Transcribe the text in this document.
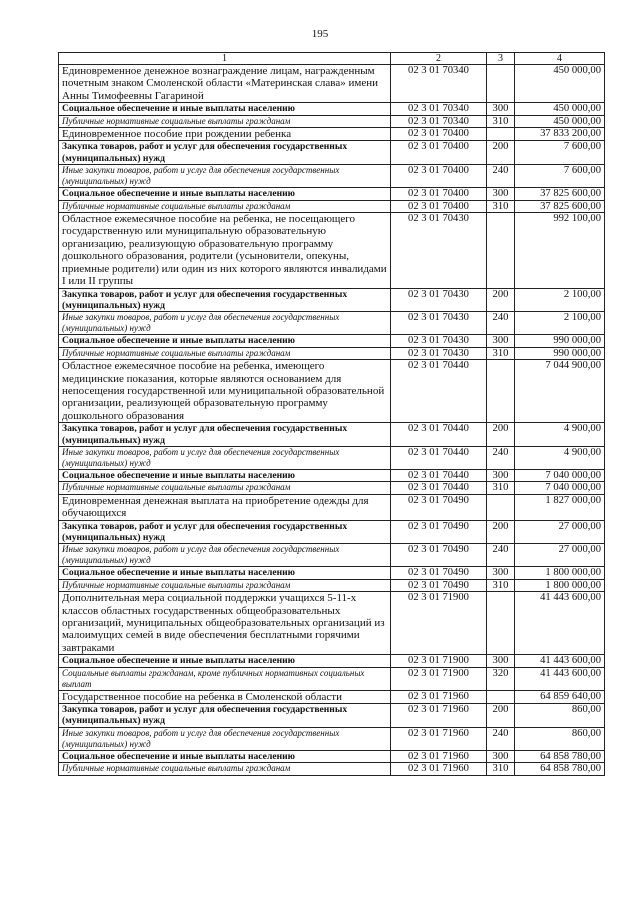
195
1	2	3	4
Единовременное денежное вознаграждение лицам, награжденным почетным знаком Смоленской области «Материнская слава» имени Анны Тимофеевны Гагариной	02 3 01 70340		450 000,00
Социальное обеспечение и иные выплаты населению	02 3 01 70340	300	450 000,00
Публичные нормативные социальные выплаты гражданам	02 3 01 70340	310	450 000,00
Единовременное пособие при рождении ребенка	02 3 01 70400		37 833 200,00
Закупка товаров, работ и услуг для обеспечения государственных (муниципальных) нужд	02 3 01 70400	200	7 600,00
Иные закупки товаров, работ и услуг для обеспечения государственных (муниципальных) нужд	02 3 01 70400	240	7 600,00
Социальное обеспечение и иные выплаты населению	02 3 01 70400	300	37 825 600,00
Публичные нормативные социальные выплаты гражданам	02 3 01 70400	310	37 825 600,00
Областное ежемесячное пособие на ребенка, не посещающего государственную или муниципальную образовательную организацию, реализующую образовательную программу дошкольного образования, родители (усыновители, опекуны, приемные родители) или один из них которого являются инвалидами I или II группы	02 3 01 70430		992 100,00
Закупка товаров, работ и услуг для обеспечения государственных (муниципальных) нужд	02 3 01 70430	200	2 100,00
Иные закупки товаров, работ и услуг для обеспечения государственных (муниципальных) нужд	02 3 01 70430	240	2 100,00
Социальное обеспечение и иные выплаты населению	02 3 01 70430	300	990 000,00
Публичные нормативные социальные выплаты гражданам	02 3 01 70430	310	990 000,00
Областное ежемесячное пособие на ребенка, имеющего медицинские показания, которые являются основанием для непосещения государственной или муниципальной образовательной организации, реализующей образовательную программу дошкольного образования	02 3 01 70440		7 044 900,00
Закупка товаров, работ и услуг для обеспечения государственных (муниципальных) нужд	02 3 01 70440	200	4 900,00
Иные закупки товаров, работ и услуг для обеспечения государственных (муниципальных) нужд	02 3 01 70440	240	4 900,00
Социальное обеспечение и иные выплаты населению	02 3 01 70440	300	7 040 000,00
Публичные нормативные социальные выплаты гражданам	02 3 01 70440	310	7 040 000,00
Единовременная денежная выплата на приобретение одежды для обучающихся	02 3 01 70490		1 827 000,00
Закупка товаров, работ и услуг для обеспечения государственных (муниципальных) нужд	02 3 01 70490	200	27 000,00
Иные закупки товаров, работ и услуг для обеспечения государственных (муниципальных) нужд	02 3 01 70490	240	27 000,00
Социальное обеспечение и иные выплаты населению	02 3 01 70490	300	1 800 000,00
Публичные нормативные социальные выплаты гражданам	02 3 01 70490	310	1 800 000,00
Дополнительная мера социальной поддержки учащихся 5-11-х классов областных государственных общеобразовательных организаций, муниципальных общеобразовательных организаций из малоимущих семей в виде обеспечения бесплатными горячими завтраками	02 3 01 71900		41 443 600,00
Социальное обеспечение и иные выплаты населению	02 3 01 71900	300	41 443 600,00
Социальные выплаты гражданам, кроме публичных нормативных социальных выплат	02 3 01 71900	320	41 443 600,00
Государственное пособие на ребенка в Смоленской области	02 3 01 71960		64 859 640,00
Закупка товаров, работ и услуг для обеспечения государственных (муниципальных) нужд	02 3 01 71960	200	860,00
Иные закупки товаров, работ и услуг для обеспечения государственных (муниципальных) нужд	02 3 01 71960	240	860,00
Социальное обеспечение и иные выплаты населению	02 3 01 71960	300	64 858 780,00
Публичные нормативные социальные выплаты гражданам	02 3 01 71960	310	64 858 780,00
